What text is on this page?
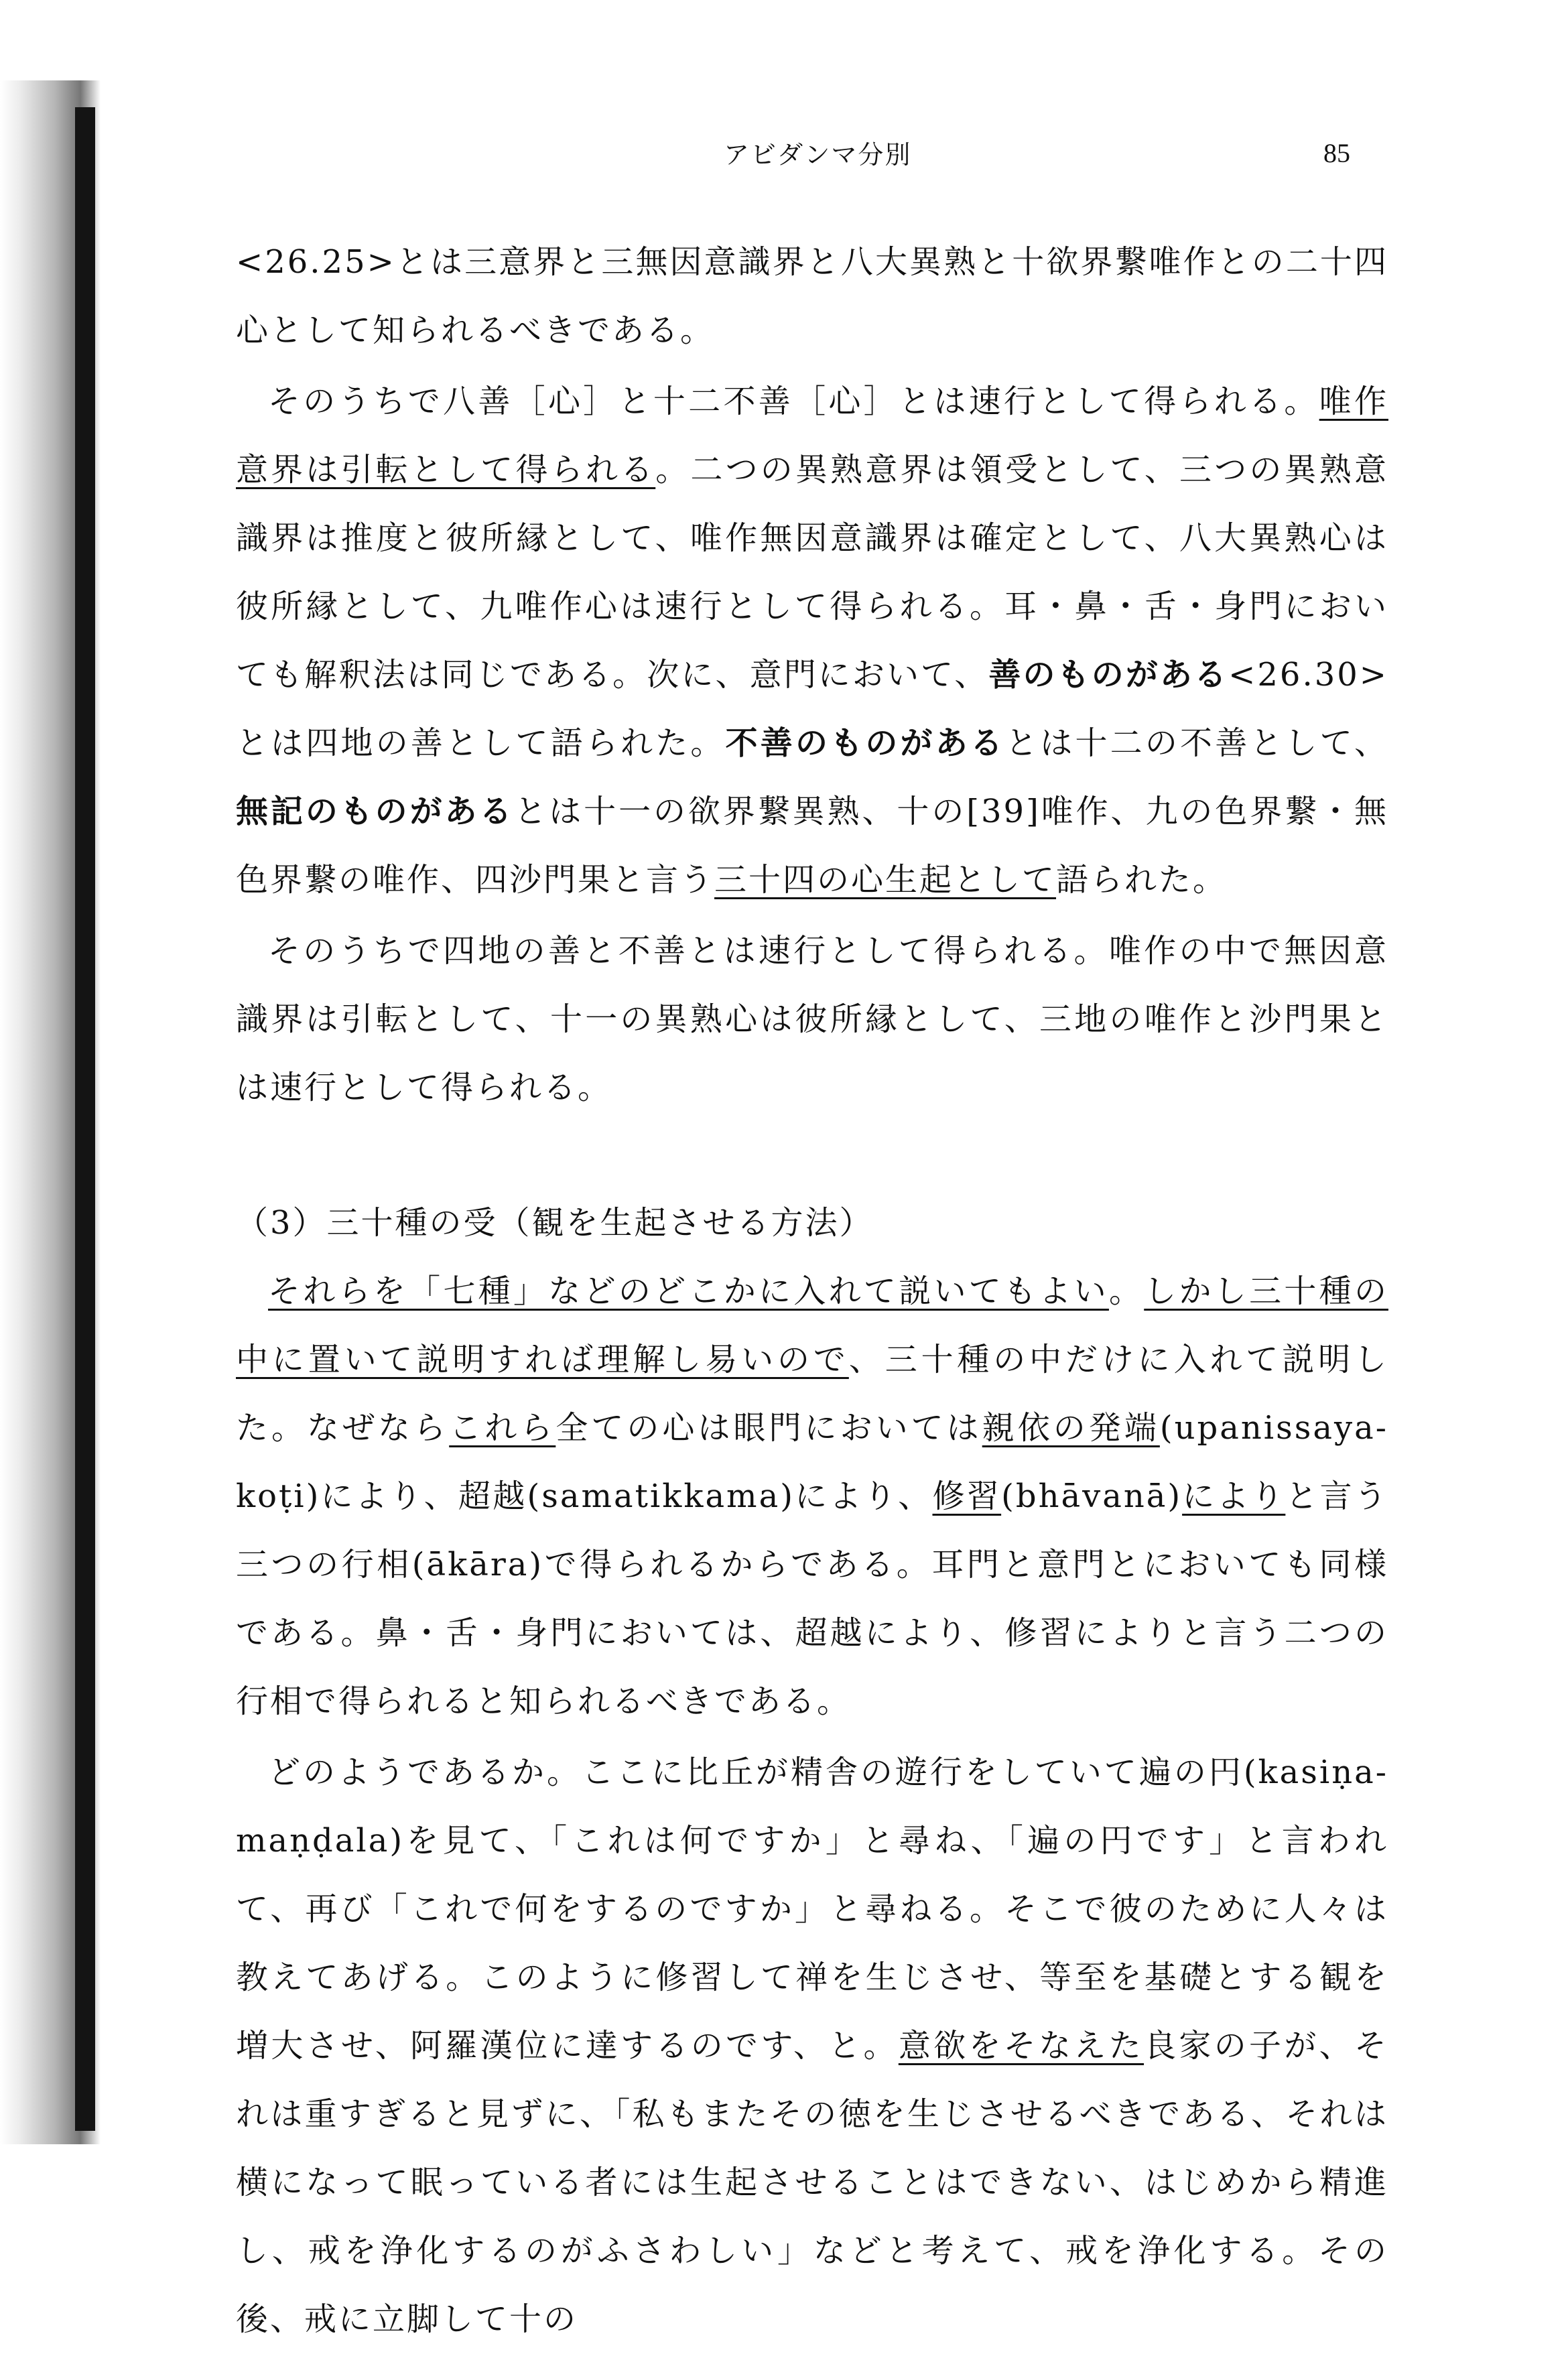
アビダンマ分別	85

<26.25>とは三意界と三無因意識界と八大異熟と十欲界繋唯作との二十四心として知られるべきである。

そのうちで八善［心］と十二不善［心］とは速行として得られる。唯作意界は引転として得られる。二つの異熟意界は領受として、三つの異熟意識界は推度と彼所縁として、唯作無因意識界は確定として、八大異熟心は彼所縁として、九唯作心は速行として得られる。耳・鼻・舌・身門においても解釈法は同じである。次に、意門において、善のものがある<26.30>とは四地の善として語られた。不善のものがあるとは十二の不善として、無記のものがあるとは十一の欲界繋異熟、十の[39]唯作、九の色界繋・無色界繋の唯作、四沙門果と言う三十四の心生起として語られた。

そのうちで四地の善と不善とは速行として得られる。唯作の中で無因意識界は引転として、十一の異熟心は彼所縁として、三地の唯作と沙門果とは速行として得られる。

（3）三十種の受（観を生起させる方法）

それらを「七種」などのどこかに入れて説いてもよい。しかし三十種の中に置いて説明すれば理解し易いので、三十種の中だけに入れて説明した。なぜならこれら全ての心は眼門においては親依の発端(upanissaya-koṭi)により、超越(samatikkama)により、修習(bhāvanā)によりと言う三つの行相(ākāra)で得られるからである。耳門と意門とにおいても同様である。鼻・舌・身門においては、超越により、修習によりと言う二つの行相で得られると知られるべきである。

どのようであるか。ここに比丘が精舎の遊行をしていて遍の円(kasiṇa-maṇḍala)を見て、「これは何ですか」と尋ね、「遍の円です」と言われて、再び「これで何をするのですか」と尋ねる。そこで彼のために人々は教えてあげる。このように修習して禅を生じさせ、等至を基礎とする観を増大させ、阿羅漢位に達するのです、と。意欲をそなえた良家の子が、それは重すぎると見ずに、「私もまたその徳を生じさせるべきである、それは横になって眠っている者には生起させることはできない、はじめから精進し、戒を浄化するのがふさわしい」などと考えて、戒を浄化する。その後、戒に立脚して十の
